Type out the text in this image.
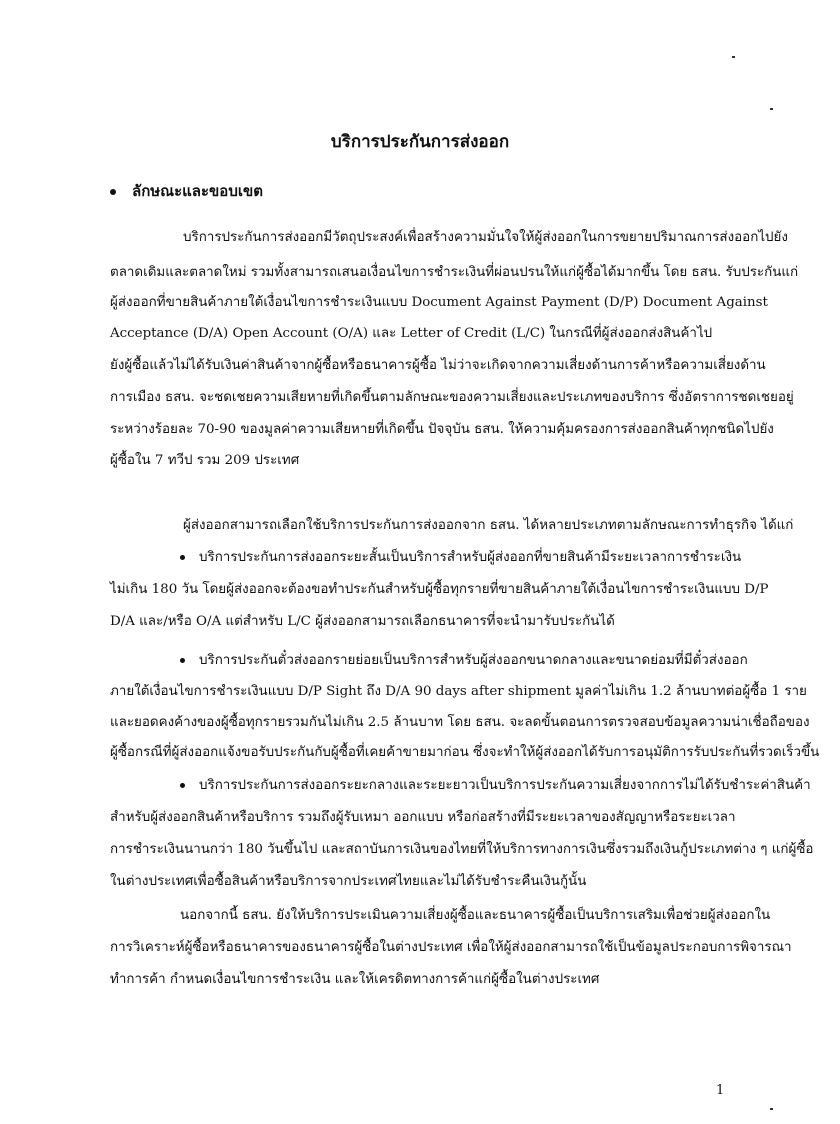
บริการประกันการส่งออก
ลักษณะและขอบเขต
บริการประกันการส่งออกมีวัตถุประสงค์เพื่อสร้างความมั่นใจให้ผู้ส่งออกในการขยายปริมาณการส่งออกไปยัง
ตลาดเดิมและตลาดใหม่ รวมทั้งสามารถเสนอเงื่อนไขการชำระเงินที่ผ่อนปรนให้แก่ผู้ซื้อได้มากขึ้น โดย ธสน. รับประกันแก่
ผู้ส่งออกที่ขายสินค้าภายใต้เงื่อนไขการชำระเงินแบบ Document Against Payment (D/P) Document Against
Acceptance (D/A) Open Account (O/A) และ Letter of Credit (L/C) ในกรณีที่ผู้ส่งออกส่งสินค้าไป
ยังผู้ซื้อแล้วไม่ได้รับเงินค่าสินค้าจากผู้ซื้อหรือธนาคารผู้ซื้อ ไม่ว่าจะเกิดจากความเสี่ยงด้านการค้าหรือความเสี่ยงด้าน
การเมือง ธสน. จะชดเชยความเสียหายที่เกิดขึ้นตามลักษณะของความเสี่ยงและประเภทของบริการ ซึ่งอัตราการชดเชยอยู่
ระหว่างร้อยละ 70-90 ของมูลค่าความเสียหายที่เกิดขึ้น ปัจจุบัน ธสน. ให้ความคุ้มครองการส่งออกสินค้าทุกชนิดไปยัง
ผู้ซื้อใน 7 ทวีป รวม 209 ประเทศ
ผู้ส่งออกสามารถเลือกใช้บริการประกันการส่งออกจาก ธสน. ได้หลายประเภทตามลักษณะการทำธุรกิจ ได้แก่
บริการประกันการส่งออกระยะสั้นเป็นบริการสำหรับผู้ส่งออกที่ขายสินค้ามีระยะเวลาการชำระเงิน
ไม่เกิน 180 วัน โดยผู้ส่งออกจะต้องขอทำประกันสำหรับผู้ซื้อทุกรายที่ขายสินค้าภายใต้เงื่อนไขการชำระเงินแบบ D/P
D/A และ/หรือ O/A แต่สำหรับ L/C ผู้ส่งออกสามารถเลือกธนาคารที่จะนำมารับประกันได้
บริการประกันตั๋วส่งออกรายย่อยเป็นบริการสำหรับผู้ส่งออกขนาดกลางและขนาดย่อมที่มีตั๋วส่งออก
ภายใต้เงื่อนไขการชำระเงินแบบ D/P Sight ถึง D/A 90 days after shipment มูลค่าไม่เกิน 1.2 ล้านบาทต่อผู้ซื้อ 1 ราย
และยอดคงค้างของผู้ซื้อทุกรายรวมกันไม่เกิน 2.5 ล้านบาท โดย ธสน. จะลดขั้นตอนการตรวจสอบข้อมูลความน่าเชื่อถือของ
ผู้ซื้อกรณีที่ผู้ส่งออกแจ้งขอรับประกันกับผู้ซื้อที่เคยค้าขายมาก่อน ซึ่งจะทำให้ผู้ส่งออกได้รับการอนุมัติการรับประกันที่รวดเร็วขึ้น
บริการประกันการส่งออกระยะกลางและระยะยาวเป็นบริการประกันความเสี่ยงจากการไม่ได้รับชำระค่าสินค้า
สำหรับผู้ส่งออกสินค้าหรือบริการ รวมถึงผู้รับเหมา ออกแบบ หรือก่อสร้างที่มีระยะเวลาของสัญญาหรือระยะเวลา
การชำระเงินนานกว่า 180 วันขึ้นไป และสถาบันการเงินของไทยที่ให้บริการทางการเงินซึ่งรวมถึงเงินกู้ประเภทต่าง ๆ แก่ผู้ซื้อ
ในต่างประเทศเพื่อซื้อสินค้าหรือบริการจากประเทศไทยและไม่ได้รับชำระคืนเงินกู้นั้น
นอกจากนี้ ธสน. ยังให้บริการประเมินความเสี่ยงผู้ซื้อและธนาคารผู้ซื้อเป็นบริการเสริมเพื่อช่วยผู้ส่งออกใน
การวิเคราะห์ผู้ซื้อหรือธนาคารของธนาคารผู้ซื้อในต่างประเทศ เพื่อให้ผู้ส่งออกสามารถใช้เป็นข้อมูลประกอบการพิจารณา
ทำการค้า กำหนดเงื่อนไขการชำระเงิน และให้เครดิตทางการค้าแก่ผู้ซื้อในต่างประเทศ
1
